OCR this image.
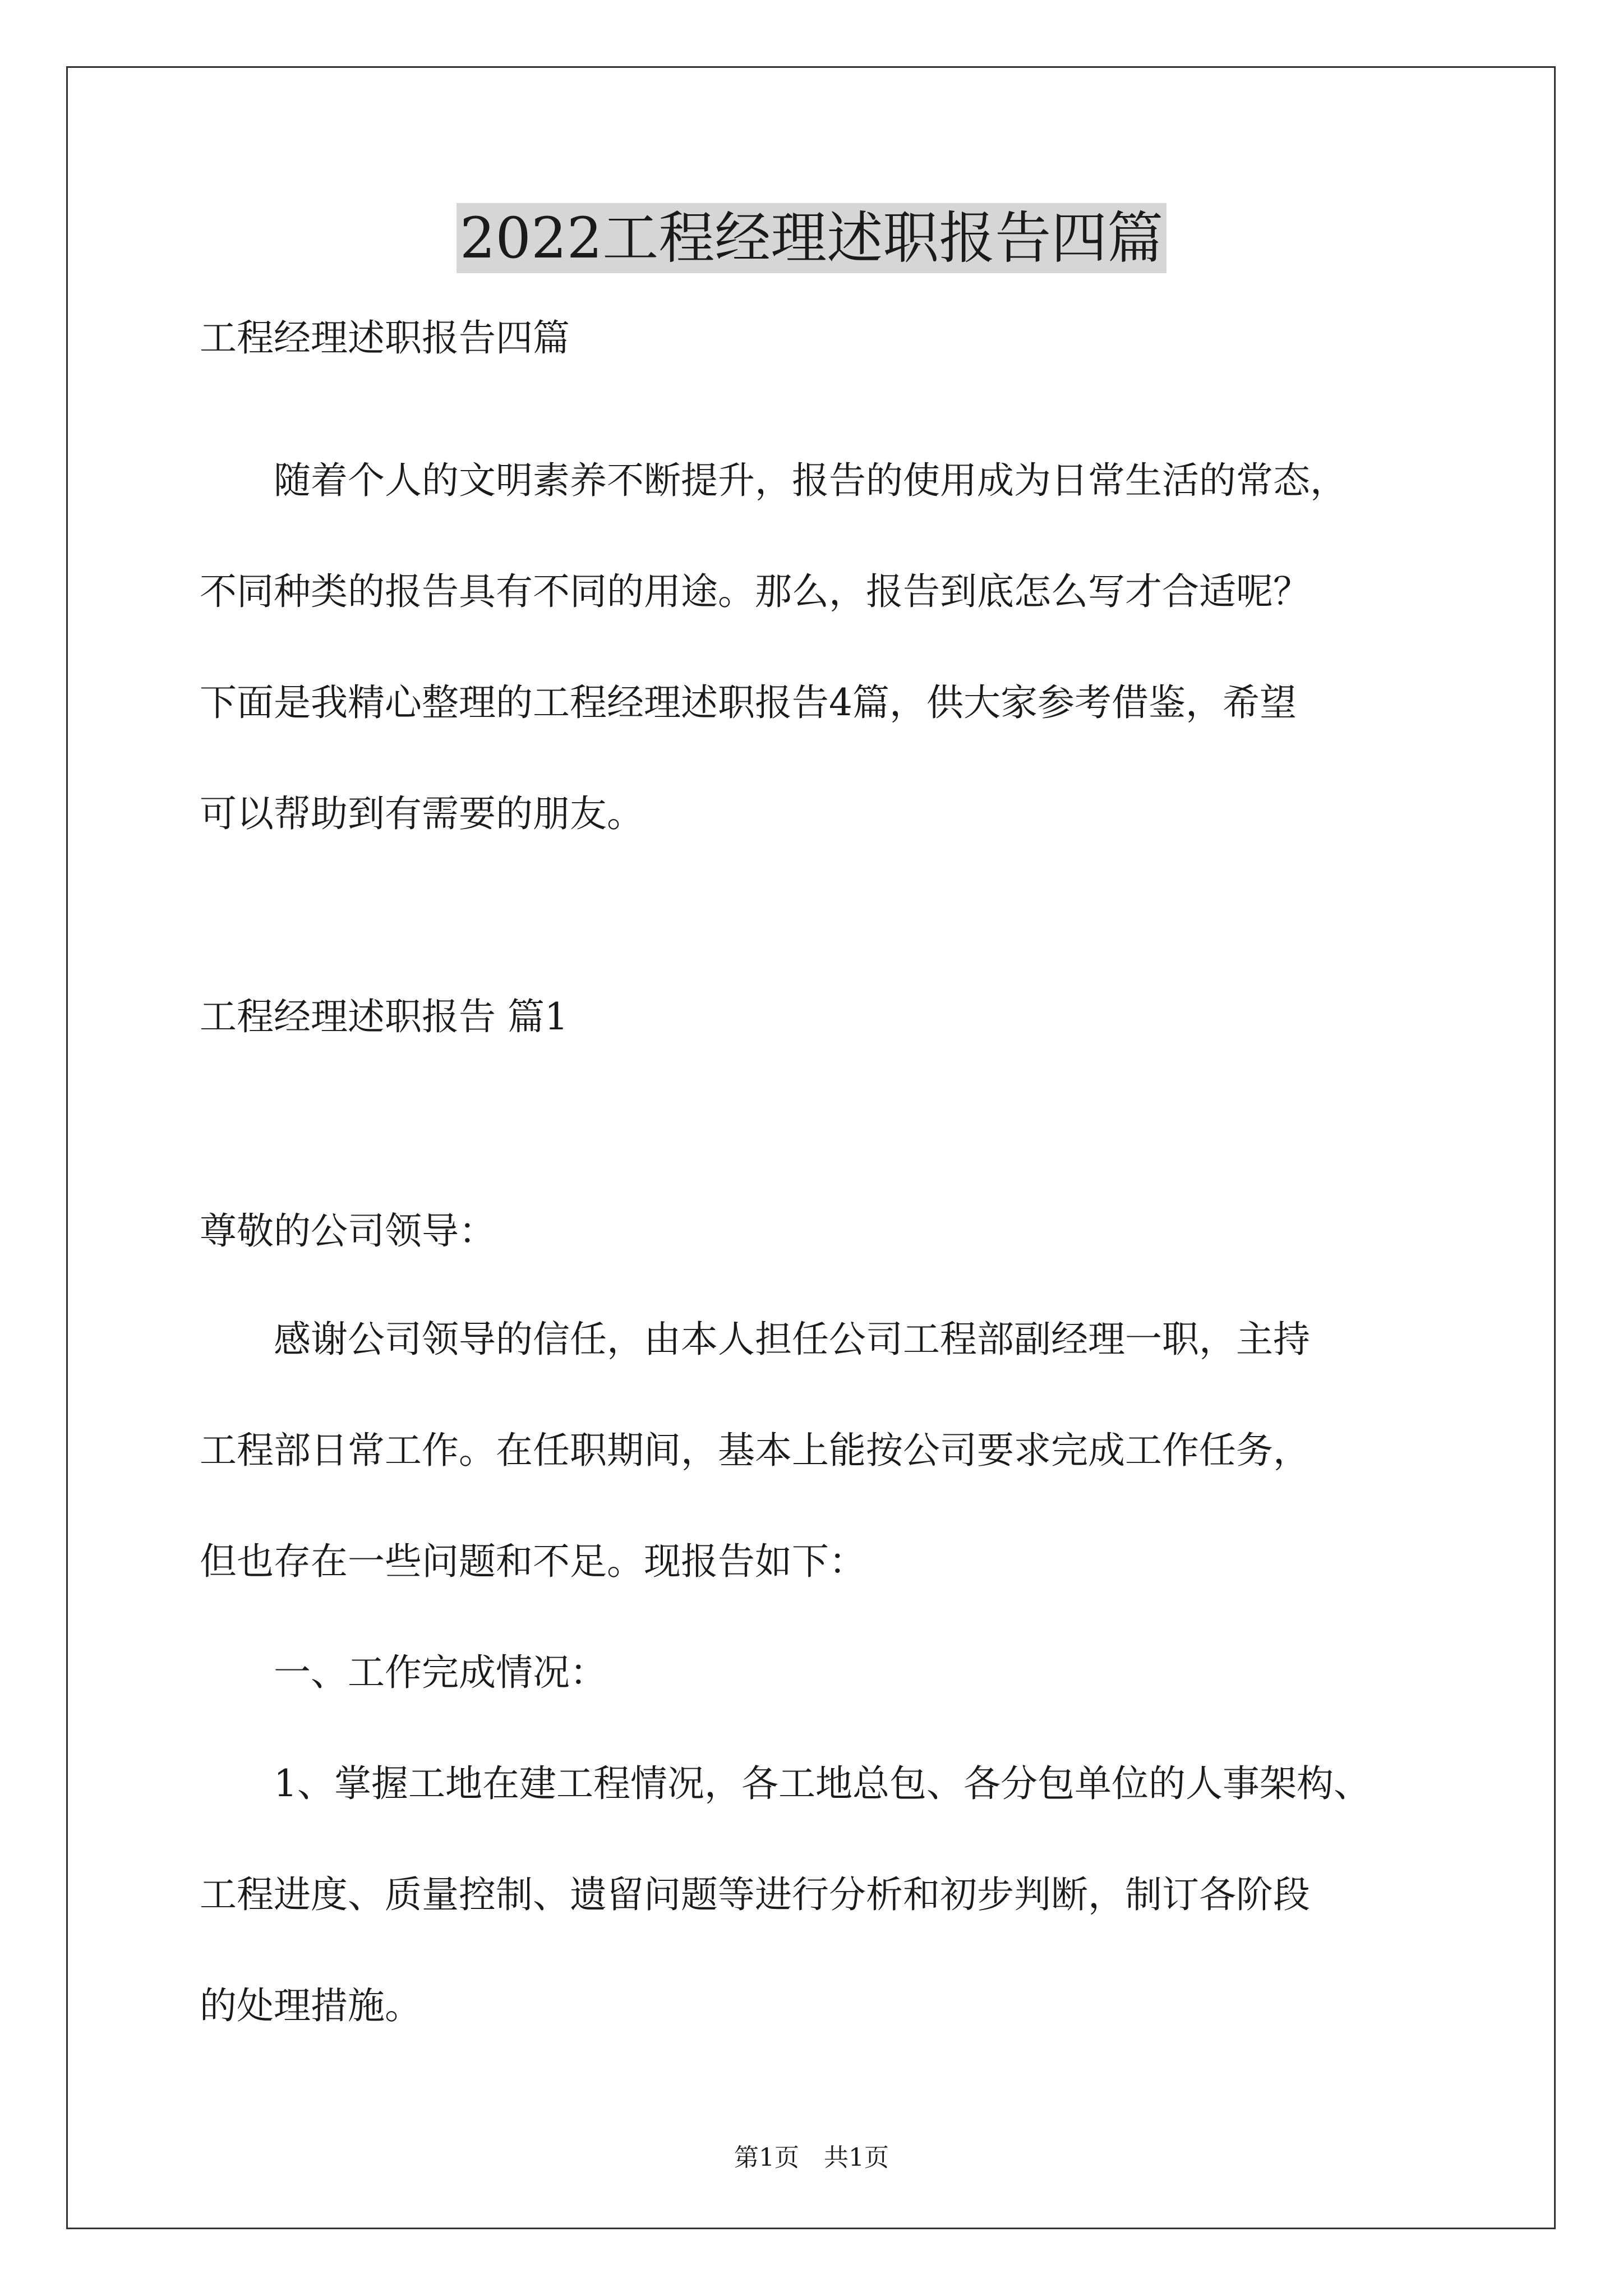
2022工程经理述职报告四篇
工程经理述职报告四篇
　　随着个人的文明素养不断提升，报告的使用成为日常生活的常态，
不同种类的报告具有不同的用途。那么，报告到底怎么写才合适呢？
下面是我精心整理的工程经理述职报告4篇，供大家参考借鉴，希望
可以帮助到有需要的朋友。
工程经理述职报告 篇1
尊敬的公司领导：
　　感谢公司领导的信任，由本人担任公司工程部副经理一职，主持
工程部日常工作。在任职期间，基本上能按公司要求完成工作任务，
但也存在一些问题和不足。现报告如下：
　　一、工作完成情况：
　　1、掌握工地在建工程情况，各工地总包、各分包单位的人事架构、
工程进度、质量控制、遗留问题等进行分析和初步判断，制订各阶段
的处理措施。
第1页　共1页
